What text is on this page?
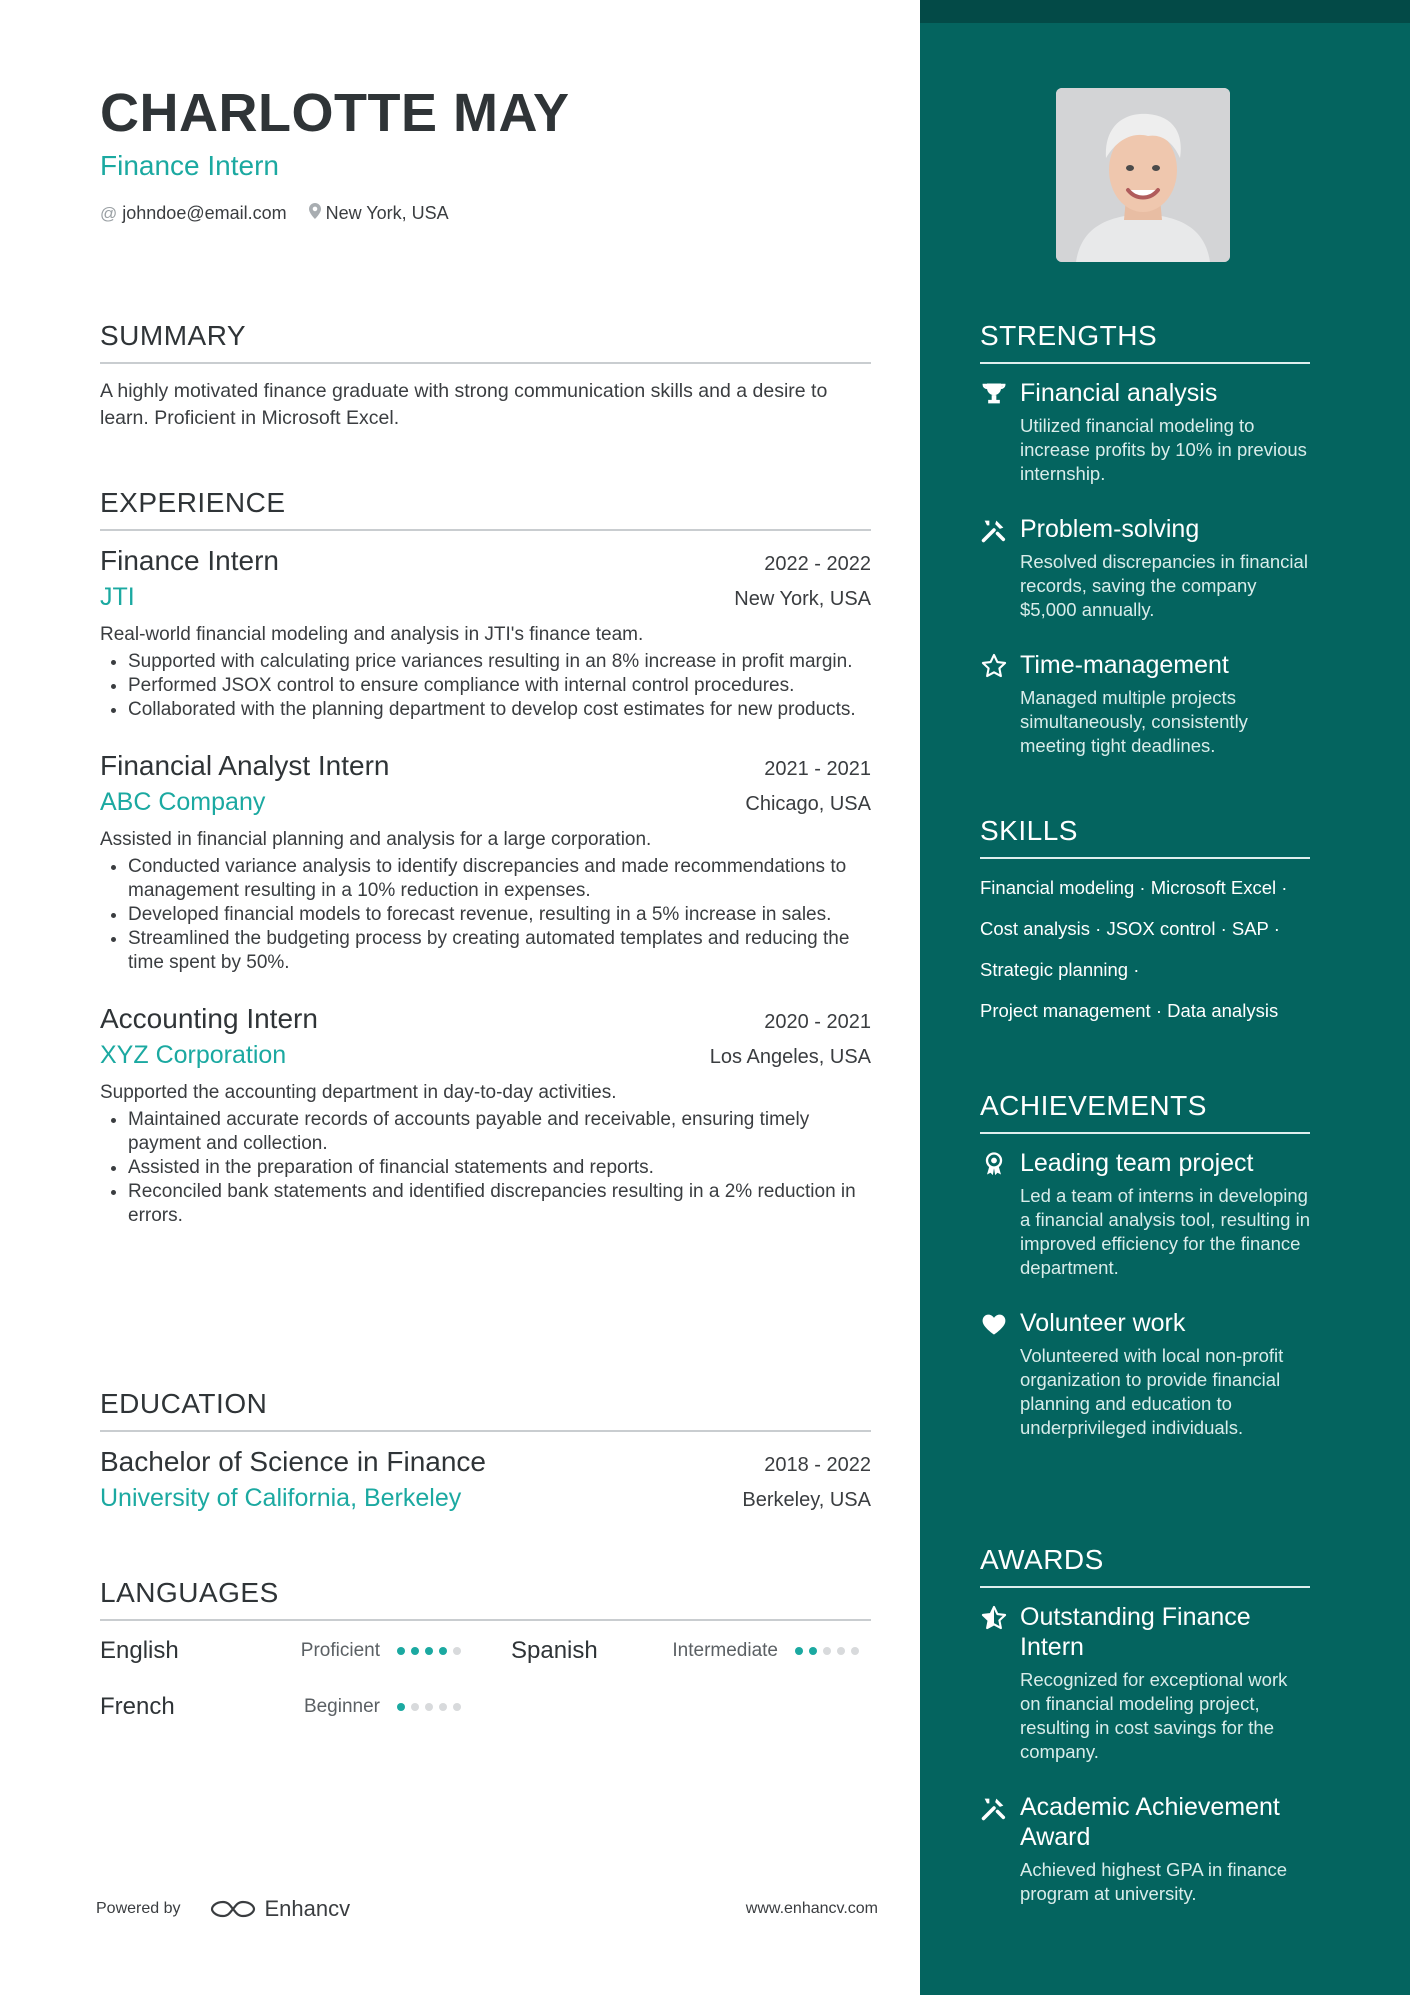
CHARLOTTE MAY
Finance Intern
@ johndoe@email.com New York, USA
SUMMARY
A highly motivated finance graduate with strong communication skills and a desire to learn. Proficient in Microsoft Excel.
EXPERIENCE
Finance Intern	2022 - 2022
JTI	New York, USA
Real-world financial modeling and analysis in JTI's finance team.
• Supported with calculating price variances resulting in an 8% increase in profit margin.
• Performed JSOX control to ensure compliance with internal control procedures.
• Collaborated with the planning department to develop cost estimates for new products.
Financial Analyst Intern	2021 - 2021
ABC Company	Chicago, USA
Assisted in financial planning and analysis for a large corporation.
• Conducted variance analysis to identify discrepancies and made recommendations to management resulting in a 10% reduction in expenses.
• Developed financial models to forecast revenue, resulting in a 5% increase in sales.
• Streamlined the budgeting process by creating automated templates and reducing the time spent by 50%.
Accounting Intern	2020 - 2021
XYZ Corporation	Los Angeles, USA
Supported the accounting department in day-to-day activities.
• Maintained accurate records of accounts payable and receivable, ensuring timely payment and collection.
• Assisted in the preparation of financial statements and reports.
• Reconciled bank statements and identified discrepancies resulting in a 2% reduction in errors.
EDUCATION
Bachelor of Science in Finance	2018 - 2022
University of California, Berkeley	Berkeley, USA
LANGUAGES
English	Proficient	Spanish	Intermediate
French	Beginner
Powered by	Enhancv	www.enhancv.com
STRENGTHS
Financial analysis
Utilized financial modeling to increase profits by 10% in previous internship.
Problem-solving
Resolved discrepancies in financial records, saving the company $5,000 annually.
Time-management
Managed multiple projects simultaneously, consistently meeting tight deadlines.
SKILLS
Financial modeling · Microsoft Excel ·
Cost analysis · JSOX control · SAP ·
Strategic planning ·
Project management · Data analysis
ACHIEVEMENTS
Leading team project
Led a team of interns in developing a financial analysis tool, resulting in improved efficiency for the finance department.
Volunteer work
Volunteered with local non-profit organization to provide financial planning and education to underprivileged individuals.
AWARDS
Outstanding Finance Intern
Recognized for exceptional work on financial modeling project, resulting in cost savings for the company.
Academic Achievement Award
Achieved highest GPA in finance program at university.
